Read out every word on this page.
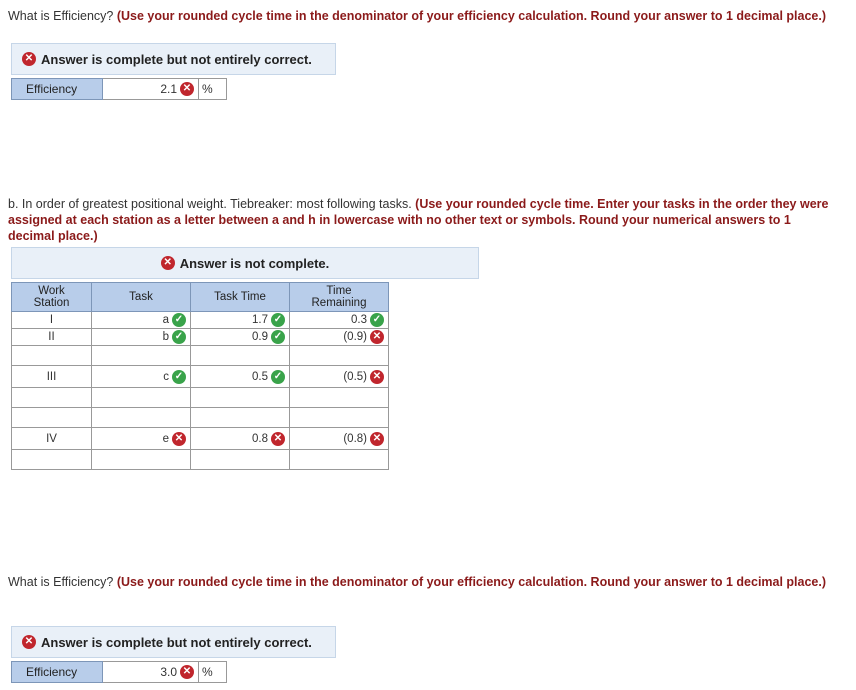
What is Efficiency? (Use your rounded cycle time in the denominator of your efficiency calculation. Round your answer to 1 decimal place.)
✕ Answer is complete but not entirely correct.
Efficiency	2.1 ✕ %
b. In order of greatest positional weight. Tiebreaker: most following tasks. (Use your rounded cycle time. Enter your tasks in the order they were assigned at each station as a letter between a and h in lowercase with no other text or symbols. Round your numerical answers to 1 decimal place.)
✕ Answer is not complete.
Work
Station	Task	Task Time	Time
Remaining
I	a ✓	1.7 ✓	0.3 ✓
II	b ✓	0.9 ✓	(0.9) ✕

III	c ✓	0.5 ✓	(0.5) ✕

IV	e ✕	0.8 ✕	(0.8) ✕

What is Efficiency? (Use your rounded cycle time in the denominator of your efficiency calculation. Round your answer to 1 decimal place.)
✕ Answer is complete but not entirely correct.
Efficiency	3.0 ✕ %
